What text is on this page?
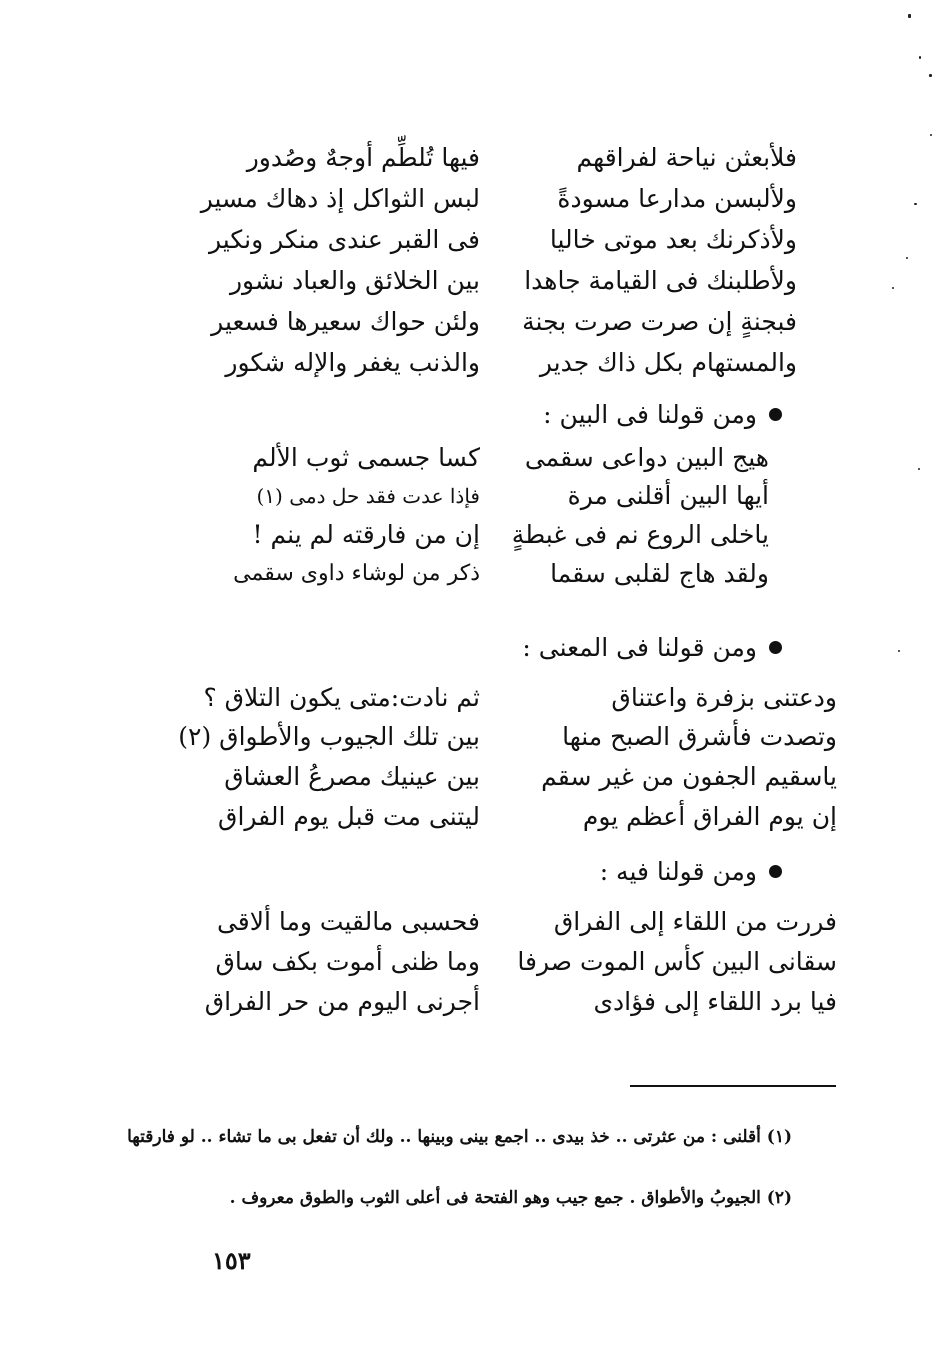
فلأبعثن نياحة لفراقهم
فيها تُلطِّم أوجهٌ وصُدور
ولألبسن مدارعا مسودةً
لبس الثواكل إذ دهاك مسير
ولأذكرنك بعد موتى خاليا
فى القبر عندى منكر ونكير
ولأطلبنك فى القيامة جاهدا
بين الخلائق والعباد نشور
فبجنةٍ إن صرت صرت بجنة
ولئن حواك سعيرها فسعير
والمستهام بكل ذاك جدير
والذنب يغفر والإله شكور
ومن قولنا فى البين :
هيج البين دواعى سقمى
كسا جسمى ثوب الألم
أيها البين أقلنى مرة
فإذا عدت فقد حل دمى (١)
ياخلى الروع نم فى غبطةٍ
إن من فارقته لم ينم !
ولقد هاج لقلبى سقما
ذكر من لوشاء داوى سقمى
ومن قولنا فى المعنى :
ودعتنى بزفرة واعتناق
ثم نادت:متى يكون التلاق ؟
وتصدت فأشرق الصبح منها
بين تلك الجيوب والأطواق (٢)
ياسقيم الجفون من غير سقم
بين عينيك مصرعُ العشاق
إن يوم الفراق أعظم يوم
ليتنى مت قبل يوم الفراق
ومن قولنا فيه :
فررت من اللقاء إلى الفراق
فحسبى مالقيت وما ألاقى
سقانى البين كأس الموت صرفا
وما ظنى أموت بكف ساق
فيا برد اللقاء إلى فؤادى
أجرنى اليوم من حر الفراق
(١) أقلنى : من عثرتى .. خذ بيدى .. اجمع بينى وبينها .. ولك أن تفعل بى ما تشاء .. لو فارقتها
(٢) الجيوبُ والأطواق . جمع جيب وهو الفتحة فى أعلى الثوب والطوق معروف .
١٥٣
